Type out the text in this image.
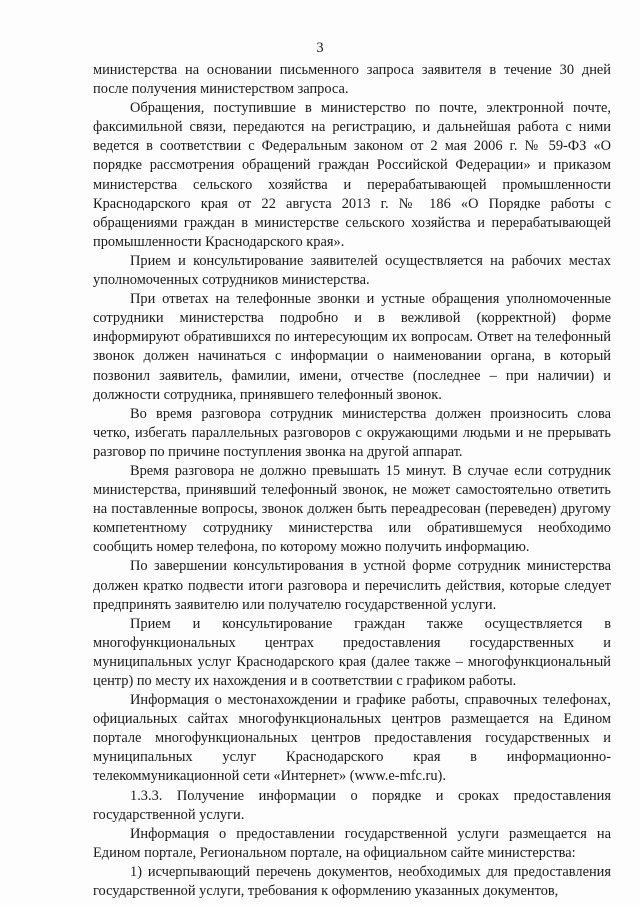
3

министерства на основании письменного запроса заявителя в течение 30 дней после получения министерством запроса.

Обращения, поступившие в министерство по почте, электронной почте, факсимильной связи, передаются на регистрацию, и дальнейшая работа с ними ведется в соответствии с Федеральным законом от 2 мая 2006 г. № 59-ФЗ «О порядке рассмотрения обращений граждан Российской Федерации» и приказом министерства сельского хозяйства и перерабатывающей промышленности Краснодарского края от 22 августа 2013 г. № 186 «О Порядке работы с обращениями граждан в министерстве сельского хозяйства и перерабатывающей промышленности Краснодарского края».

Прием и консультирование заявителей осуществляется на рабочих местах уполномоченных сотрудников министерства.

При ответах на телефонные звонки и устные обращения уполномоченные сотрудники министерства подробно и в вежливой (корректной) форме информируют обратившихся по интересующим их вопросам. Ответ на телефонный звонок должен начинаться с информации о наименовании органа, в который позвонил заявитель, фамилии, имени, отчестве (последнее – при наличии) и должности сотрудника, принявшего телефонный звонок.

Во время разговора сотрудник министерства должен произносить слова четко, избегать параллельных разговоров с окружающими людьми и не прерывать разговор по причине поступления звонка на другой аппарат.

Время разговора не должно превышать 15 минут. В случае если сотрудник министерства, принявший телефонный звонок, не может самостоятельно ответить на поставленные вопросы, звонок должен быть переадресован (переведен) другому компетентному сотруднику министерства или обратившемуся необходимо сообщить номер телефона, по которому можно получить информацию.

По завершении консультирования в устной форме сотрудник министерства должен кратко подвести итоги разговора и перечислить действия, которые следует предпринять заявителю или получателю государственной услуги.

Прием и консультирование граждан также осуществляется в многофункциональных центрах предоставления государственных и муниципальных услуг Краснодарского края (далее также – многофункциональный центр) по месту их нахождения и в соответствии с графиком работы.

Информация о местонахождении и графике работы, справочных телефонах, официальных сайтах многофункциональных центров размещается на Едином портале многофункциональных центров предоставления государственных и муниципальных услуг Краснодарского края в информационно-телекоммуникационной сети «Интернет» (www.e-mfc.ru).

1.3.3. Получение информации о порядке и сроках предоставления государственной услуги.

Информация о предоставлении государственной услуги размещается на Едином портале, Региональном портале, на официальном сайте министерства:

1) исчерпывающий перечень документов, необходимых для предоставления государственной услуги, требования к оформлению указанных документов,
